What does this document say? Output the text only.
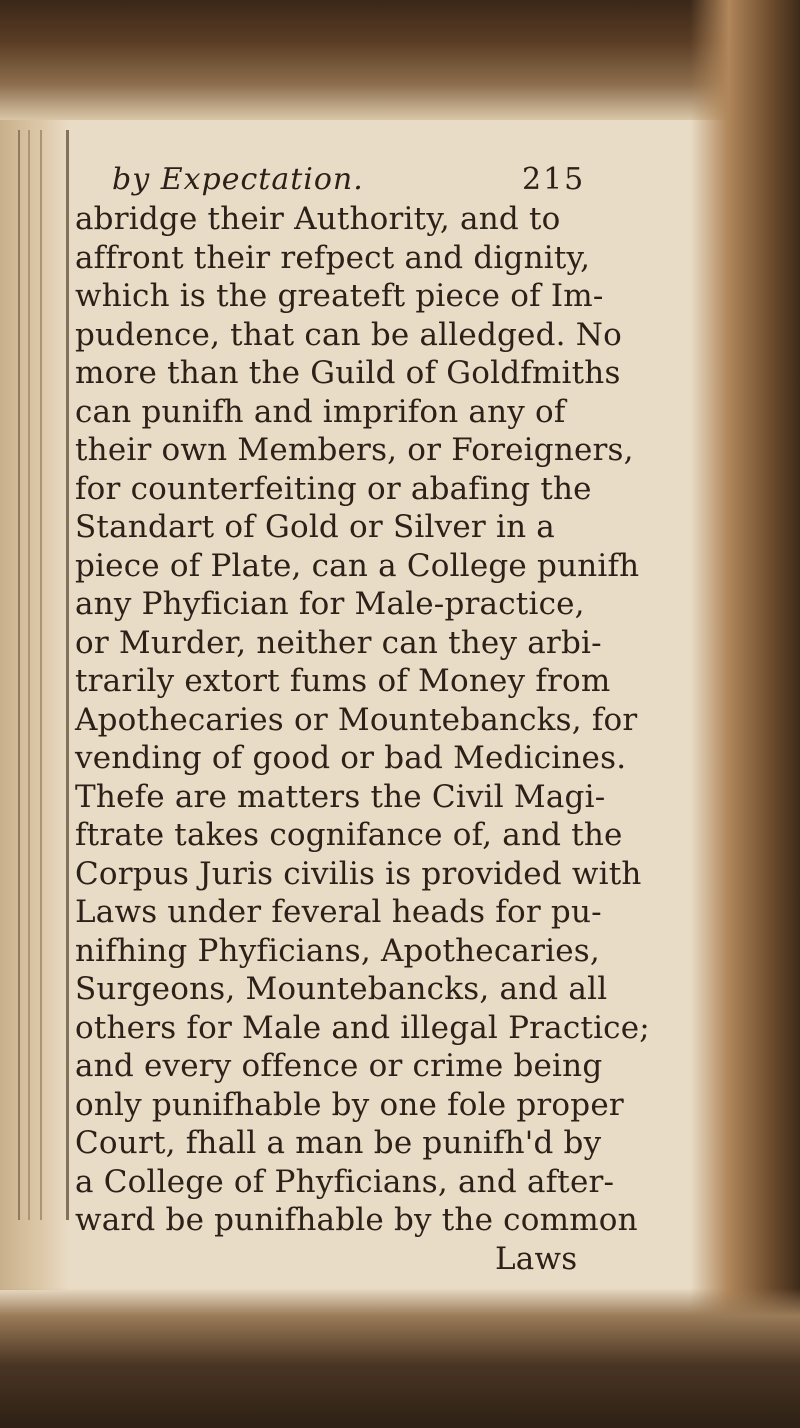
by Expectation.	215
abridge their Authority, and to
affront their refpect and dignity,
which is the greateft piece of Im-
pudence, that can be alledged. No
more than the Guild of Goldfmiths
can punifh and imprifon any of
their own Members, or Foreigners,
for counterfeiting or abafing the
Standart of Gold or Silver in a
piece of Plate, can a College punifh
any Phyfician for Male-practice,
or Murder, neither can they arbi-
trarily extort fums of Money from
Apothecaries or Mountebancks, for
vending of good or bad Medicines.
Thefe are matters the Civil Magi-
ftrate takes cognifance of, and the
Corpus Juris civilis is provided with
Laws under feveral heads for pu-
nifhing Phyficians, Apothecaries,
Surgeons, Mountebancks, and all
others for Male and illegal Practice;
and every offence or crime being
only punifhable by one fole proper
Court, fhall a man be punifh'd by
a College of Phyficians, and after-
ward be punifhable by the common
Laws
